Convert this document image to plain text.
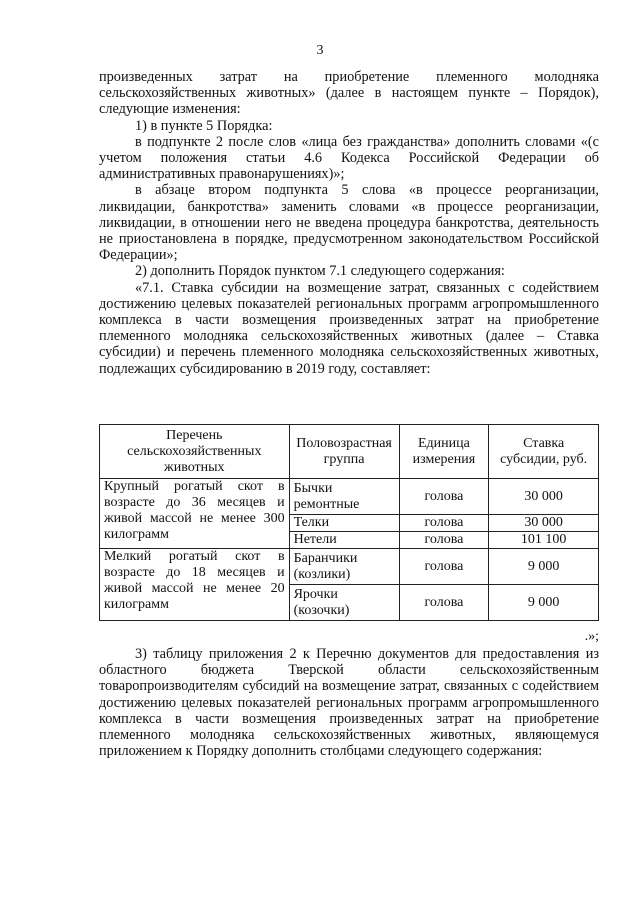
3

произведенных затрат на приобретение племенного молодняка сельскохозяйственных животных» (далее в настоящем пункте – Порядок), следующие изменения:

1) в пункте 5 Порядка:

в подпункте 2 после слов «лица без гражданства» дополнить словами «(с учетом положения статьи 4.6 Кодекса Российской Федерации об административных правонарушениях)»;

в абзаце втором подпункта 5 слова «в процессе реорганизации, ликвидации, банкротства» заменить словами «в процессе реорганизации, ликвидации, в отношении него не введена процедура банкротства, деятельность не приостановлена в порядке, предусмотренном законодательством Российской Федерации»;

2) дополнить Порядок пунктом 7.1 следующего содержания:

«7.1. Ставка субсидии на возмещение затрат, связанных с содействием достижению целевых показателей региональных программ агропромышленного комплекса в части возмещения произведенных затрат на приобретение племенного молодняка сельскохозяйственных животных (далее – Ставка субсидии) и перечень племенного молодняка сельскохозяйственных животных, подлежащих субсидированию в 2019 году, составляет:

Перечень сельскохозяйственных животных	Половозрастная группа	Единица измерения	Ставка субсидии, руб.
Крупный рогатый скот в возрасте до 36 месяцев и живой массой не менее 300 килограмм	Бычки ремонтные	голова	30 000
	Телки	голова	30 000
	Нетели	голова	101 100
Мелкий рогатый скот в возрасте до 18 месяцев и живой массой не менее 20 килограмм	Баранчики (козлики)	голова	9 000
	Ярочки (козочки)	голова	9 000
.»;

3) таблицу приложения 2 к Перечню документов для предоставления из областного бюджета Тверской области сельскохозяйственным товаропроизводителям субсидий на возмещение затрат, связанных с содействием достижению целевых показателей региональных программ агропромышленного комплекса в части возмещения произведенных затрат на приобретение племенного молодняка сельскохозяйственных животных, являющемуся приложением к Порядку дополнить столбцами следующего содержания:
